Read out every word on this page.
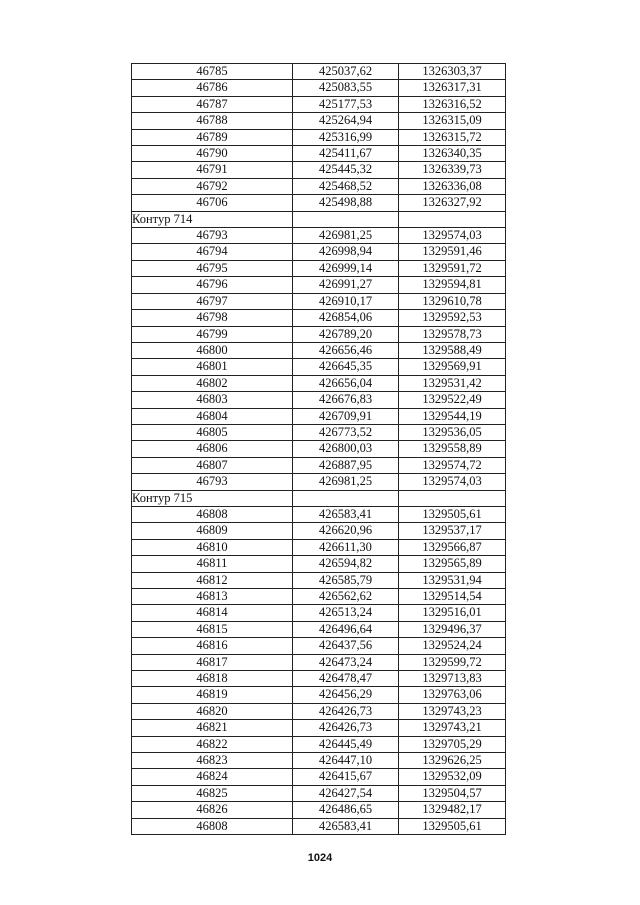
46785	425037,62	1326303,37
46786	425083,55	1326317,31
46787	425177,53	1326316,52
46788	425264,94	1326315,09
46789	425316,99	1326315,72
46790	425411,67	1326340,35
46791	425445,32	1326339,73
46792	425468,52	1326336,08
46706	425498,88	1326327,92
Контур 714		
46793	426981,25	1329574,03
46794	426998,94	1329591,46
46795	426999,14	1329591,72
46796	426991,27	1329594,81
46797	426910,17	1329610,78
46798	426854,06	1329592,53
46799	426789,20	1329578,73
46800	426656,46	1329588,49
46801	426645,35	1329569,91
46802	426656,04	1329531,42
46803	426676,83	1329522,49
46804	426709,91	1329544,19
46805	426773,52	1329536,05
46806	426800,03	1329558,89
46807	426887,95	1329574,72
46793	426981,25	1329574,03
Контур 715		
46808	426583,41	1329505,61
46809	426620,96	1329537,17
46810	426611,30	1329566,87
46811	426594,82	1329565,89
46812	426585,79	1329531,94
46813	426562,62	1329514,54
46814	426513,24	1329516,01
46815	426496,64	1329496,37
46816	426437,56	1329524,24
46817	426473,24	1329599,72
46818	426478,47	1329713,83
46819	426456,29	1329763,06
46820	426426,73	1329743,23
46821	426426,73	1329743,21
46822	426445,49	1329705,29
46823	426447,10	1329626,25
46824	426415,67	1329532,09
46825	426427,54	1329504,57
46826	426486,65	1329482,17
46808	426583,41	1329505,61
1024
